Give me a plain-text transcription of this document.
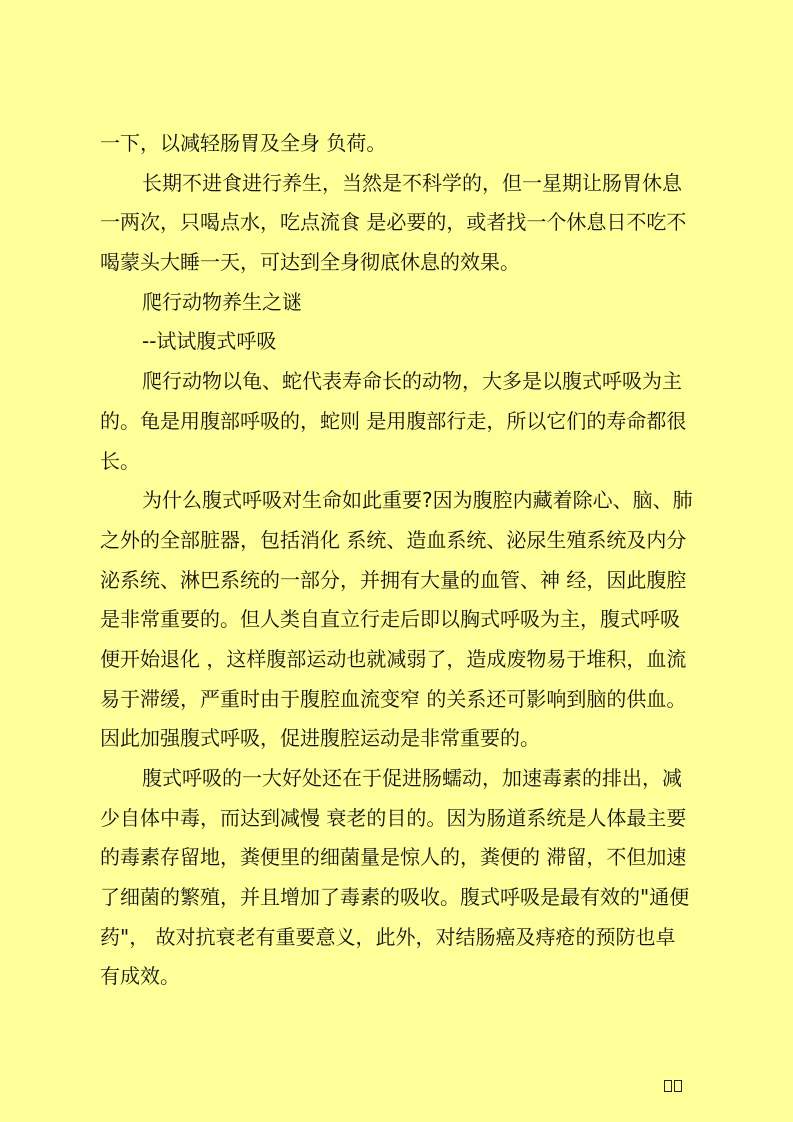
一下，以减轻肠胃及全身 负荷。
长期不进食进行养生，当然是不科学的，但一星期让肠胃休息
一两次，只喝点水，吃点流食 是必要的，或者找一个休息日不吃不
喝蒙头大睡一天，可达到全身彻底休息的效果。
爬行动物养生之谜
--试试腹式呼吸
爬行动物以龟、蛇代表寿命长的动物，大多是以腹式呼吸为主
的。龟是用腹部呼吸的，蛇则 是用腹部行走，所以它们的寿命都很
长。
为什么腹式呼吸对生命如此重要?因为腹腔内藏着除心、脑、肺
之外的全部脏器，包括消化 系统、造血系统、泌尿生殖系统及内分
泌系统、淋巴系统的一部分，并拥有大量的血管、神 经，因此腹腔
是非常重要的。但人类自直立行走后即以胸式呼吸为主，腹式呼吸
便开始退化 ，这样腹部运动也就减弱了，造成废物易于堆积，血流
易于滞缓，严重时由于腹腔血流变窄 的关系还可影响到脑的供血。
因此加强腹式呼吸，促进腹腔运动是非常重要的。
腹式呼吸的一大好处还在于促进肠蠕动，加速毒素的排出，减
少自体中毒，而达到减慢 衰老的目的。因为肠道系统是人体最主要
的毒素存留地，粪便里的细菌量是惊人的，粪便的 滞留，不但加速
了细菌的繁殖，并且增加了毒素的吸收。腹式呼吸是最有效的"通便
药"， 故对抗衰老有重要意义，此外，对结肠癌及痔疮的预防也卓
有成效。
